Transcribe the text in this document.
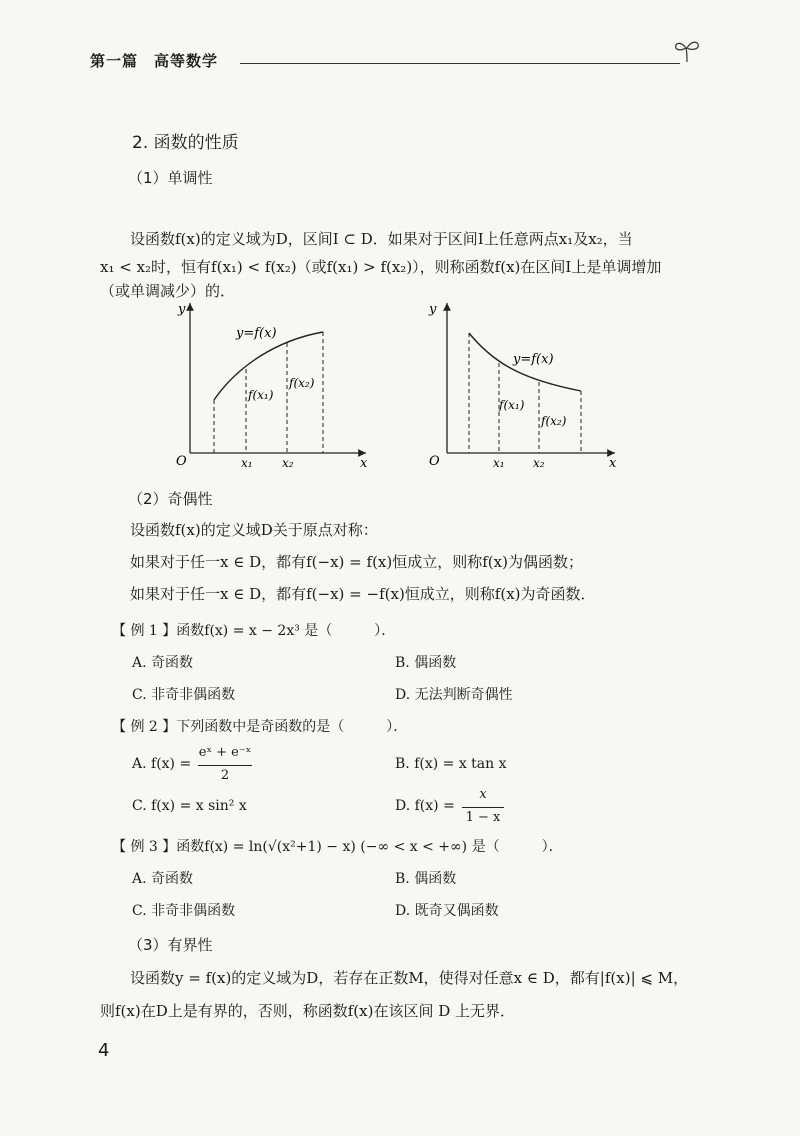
第一篇　高等数学
2. 函数的性质
（1）单调性
设函数f(x)的定义域为D，区间I ⊂ D．如果对于区间I上任意两点x₁及x₂，当
x₁ < x₂时，恒有f(x₁) < f(x₂)（或f(x₁) > f(x₂)），则称函数f(x)在区间I上是单调增加
（或单调减少）的．
y
x
O
y=f(x)
f(x₁)
f(x₂)
x₁ x₂
y
x
O
y=f(x)
f(x₁)
f(x₂)
x₁ x₂
（2）奇偶性
设函数f(x)的定义域D关于原点对称：
如果对于任一x ∈ D，都有f(−x) = f(x)恒成立，则称f(x)为偶函数；
如果对于任一x ∈ D，都有f(−x) = −f(x)恒成立，则称f(x)为奇函数．
【 例 1 】函数f(x) = x − 2x³ 是（　　　）．
A. 奇函数	B. 偶函数
C. 非奇非偶函数	D. 无法判断奇偶性
【 例 2 】下列函数中是奇函数的是（　　　）．
A. f(x) =
eˣ + e⁻ˣ
2
B. f(x) = x tan x
C. f(x) = x sin² x	D. f(x) =
x
1 − x
【 例 3 】函数f(x) = ln(√(x²+1) − x) (−∞ < x < +∞) 是（　　　）．
A. 奇函数	B. 偶函数
C. 非奇非偶函数	D. 既奇又偶函数
（3）有界性
设函数y = f(x)的定义域为D，若存在正数M，使得对任意x ∈ D，都有|f(x)| ⩽ M，
则f(x)在D上是有界的，否则，称函数f(x)在该区间 D 上无界．
4
